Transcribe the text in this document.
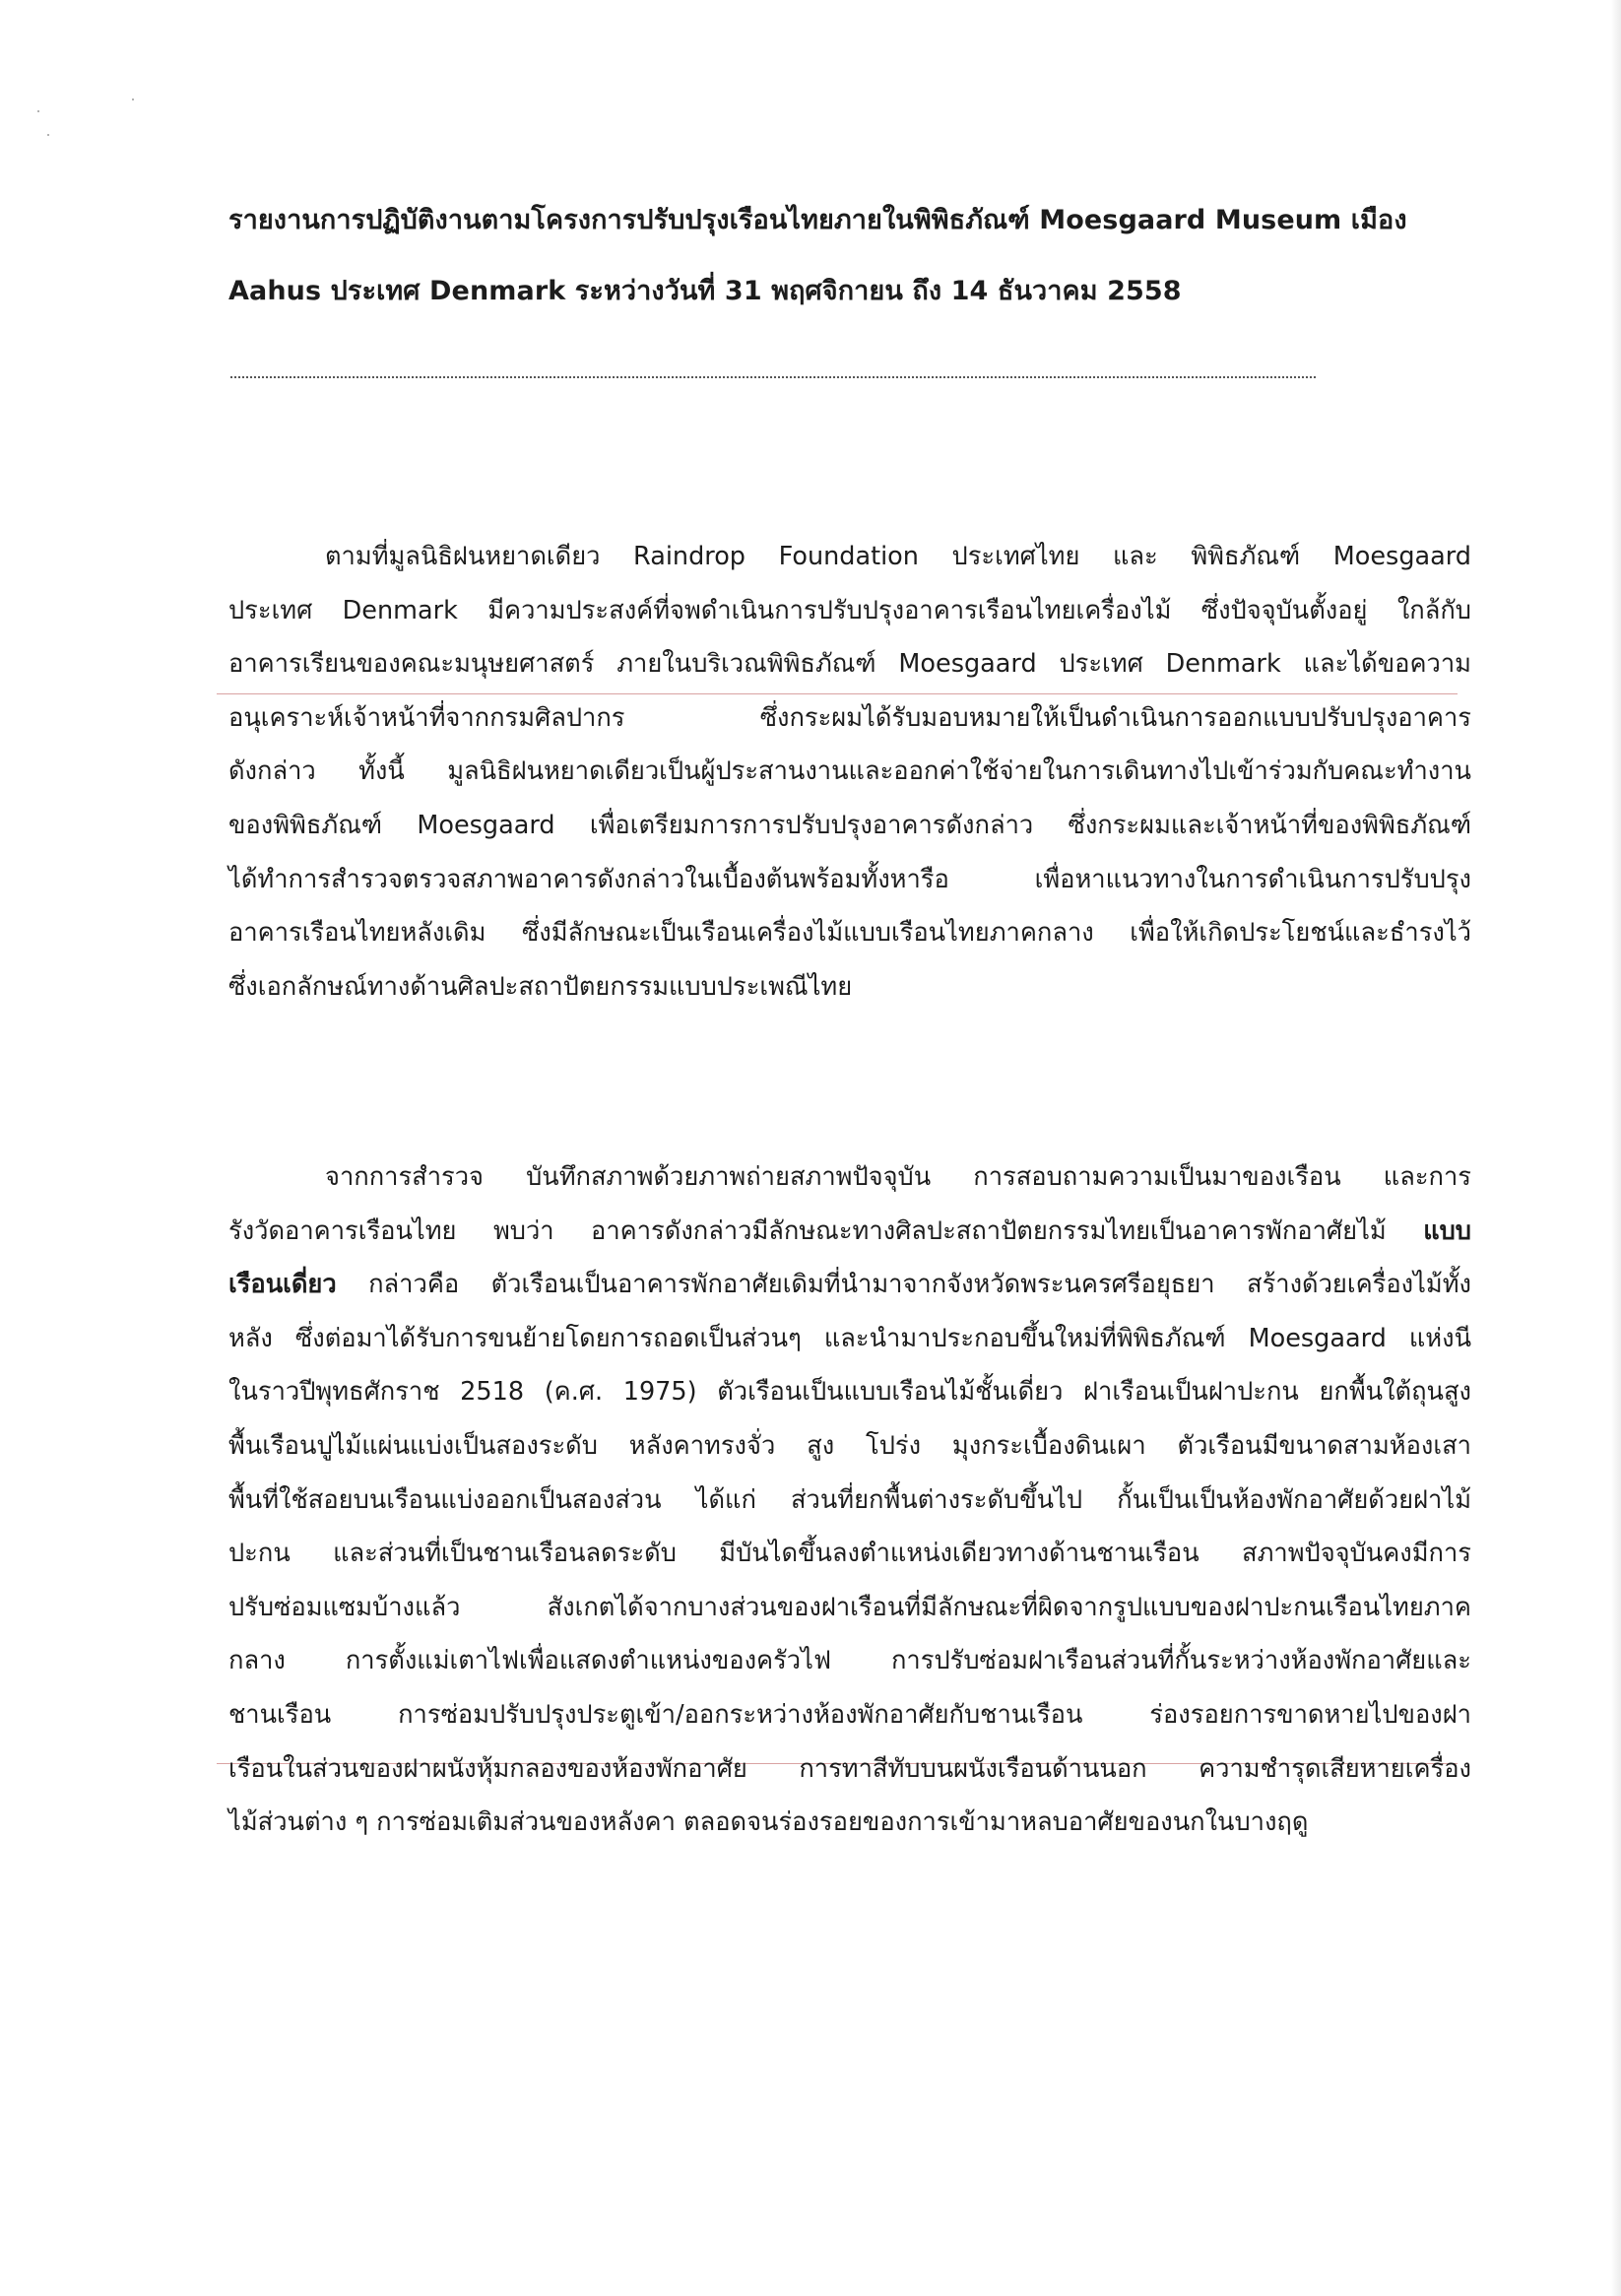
รายงานการปฏิบัติงานตามโครงการปรับปรุงเรือนไทยภายในพิพิธภัณฑ์ Moesgaard Museum เมือง
Aahus ประเทศ Denmark ระหว่างวันที่ 31 พฤศจิกายน ถึง 14 ธันวาคม 2558
ตามที่มูลนิธิฝนหยาดเดียว Raindrop Foundation ประเทศไทย และ พิพิธภัณฑ์ Moesgaard
ประเทศ Denmark มีความประสงค์ที่จพดำเนินการปรับปรุงอาคารเรือนไทยเครื่องไม้ ซึ่งปัจจุบันตั้งอยู่ ใกล้กับ
อาคารเรียนของคณะมนุษยศาสตร์ ภายในบริเวณพิพิธภัณฑ์ Moesgaard ประเทศ Denmark และได้ขอความ
อนุเคราะห์เจ้าหน้าที่จากกรมศิลปากร ซึ่งกระผมได้รับมอบหมายให้เป็นดำเนินการออกแบบปรับปรุงอาคาร
ดังกล่าว ทั้งนี้ มูลนิธิฝนหยาดเดียวเป็นผู้ประสานงานและออกค่าใช้จ่ายในการเดินทางไปเข้าร่วมกับคณะทำงาน
ของพิพิธภัณฑ์ Moesgaard เพื่อเตรียมการการปรับปรุงอาคารดังกล่าว ซึ่งกระผมและเจ้าหน้าที่ของพิพิธภัณฑ์
ได้ทำการสำรวจตรวจสภาพอาคารดังกล่าวในเบื้องต้นพร้อมทั้งหารือ เพื่อหาแนวทางในการดำเนินการปรับปรุง
อาคารเรือนไทยหลังเดิม ซึ่งมีลักษณะเป็นเรือนเครื่องไม้แบบเรือนไทยภาคกลาง เพื่อให้เกิดประโยชน์และธำรงไว้
ซึ่งเอกลักษณ์ทางด้านศิลปะสถาปัตยกรรมแบบประเพณีไทย
จากการสำรวจ บันทึกสภาพด้วยภาพถ่ายสภาพปัจจุบัน การสอบถามความเป็นมาของเรือน และการ
รังวัดอาคารเรือนไทย พบว่า อาคารดังกล่าวมีลักษณะทางศิลปะสถาปัตยกรรมไทยเป็นอาคารพักอาศัยไม้ แบบ
เรือนเดี่ยว กล่าวคือ ตัวเรือนเป็นอาคารพักอาศัยเดิมที่นำมาจากจังหวัดพระนครศรีอยุธยา สร้างด้วยเครื่องไม้ทั้ง
หลัง ซึ่งต่อมาได้รับการขนย้ายโดยการถอดเป็นส่วนๆ และนำมาประกอบขึ้นใหม่ที่พิพิธภัณฑ์ Moesgaard แห่งนี
ในราวปีพุทธศักราช 2518 (ค.ศ. 1975) ตัวเรือนเป็นแบบเรือนไม้ชั้นเดี่ยว ฝาเรือนเป็นฝาปะกน ยกพื้นใต้ถุนสูง
พื้นเรือนปูไม้แผ่นแบ่งเป็นสองระดับ หลังคาทรงจั่ว สูง โปร่ง มุงกระเบื้องดินเผา ตัวเรือนมีขนาดสามห้องเสา
พื้นที่ใช้สอยบนเรือนแบ่งออกเป็นสองส่วน ได้แก่ ส่วนที่ยกพื้นต่างระดับขึ้นไป กั้นเป็นเป็นห้องพักอาศัยด้วยฝาไม้
ปะกน และส่วนที่เป็นชานเรือนลดระดับ มีบันไดขึ้นลงตำแหน่งเดียวทางด้านชานเรือน สภาพปัจจุบันคงมีการ
ปรับซ่อมแซมบ้างแล้ว สังเกตได้จากบางส่วนของฝาเรือนที่มีลักษณะที่ผิดจากรูปแบบของฝาปะกนเรือนไทยภาค
กลาง การตั้งแม่เตาไฟเพื่อแสดงตำแหน่งของครัวไฟ การปรับซ่อมฝาเรือนส่วนที่กั้นระหว่างห้องพักอาศัยและ
ชานเรือน การซ่อมปรับปรุงประตูเข้า/ออกระหว่างห้องพักอาศัยกับชานเรือน ร่องรอยการขาดหายไปของฝา
เรือนในส่วนของฝาผนังหุ้มกลองของห้องพักอาศัย การทาสีทับบนผนังเรือนด้านนอก ความชำรุดเสียหายเครื่อง
ไม้ส่วนต่าง ๆ การซ่อมเติมส่วนของหลังคา ตลอดจนร่องรอยของการเข้ามาหลบอาศัยของนกในบางฤดู
